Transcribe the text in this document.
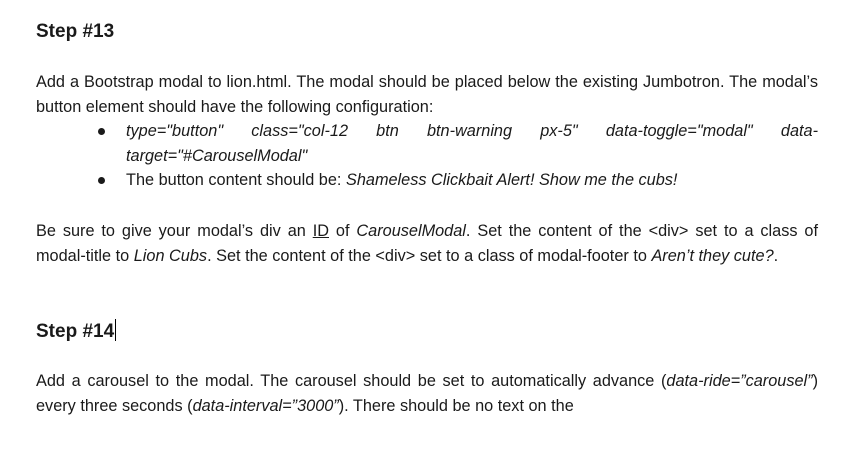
Step #13

Add a Bootstrap modal to lion.html. The modal should be placed below the existing Jumbotron. The modal’s button element should have the following configuration:

type="button" class="col-12 btn btn-warning px-5" data-toggle="modal" data-target="#CarouselModal"
The button content should be: Shameless Clickbait Alert! Show me the cubs!

Be sure to give your modal’s div an ID of CarouselModal. Set the content of the <div> set to a class of modal-title to Lion Cubs. Set the content of the <div> set to a class of modal-footer to Aren’t they cute?.

Step #14

Add a carousel to the modal. The carousel should be set to automatically advance (data-ride=”carousel”) every three seconds (data-interval=”3000”). There should be no text on the
